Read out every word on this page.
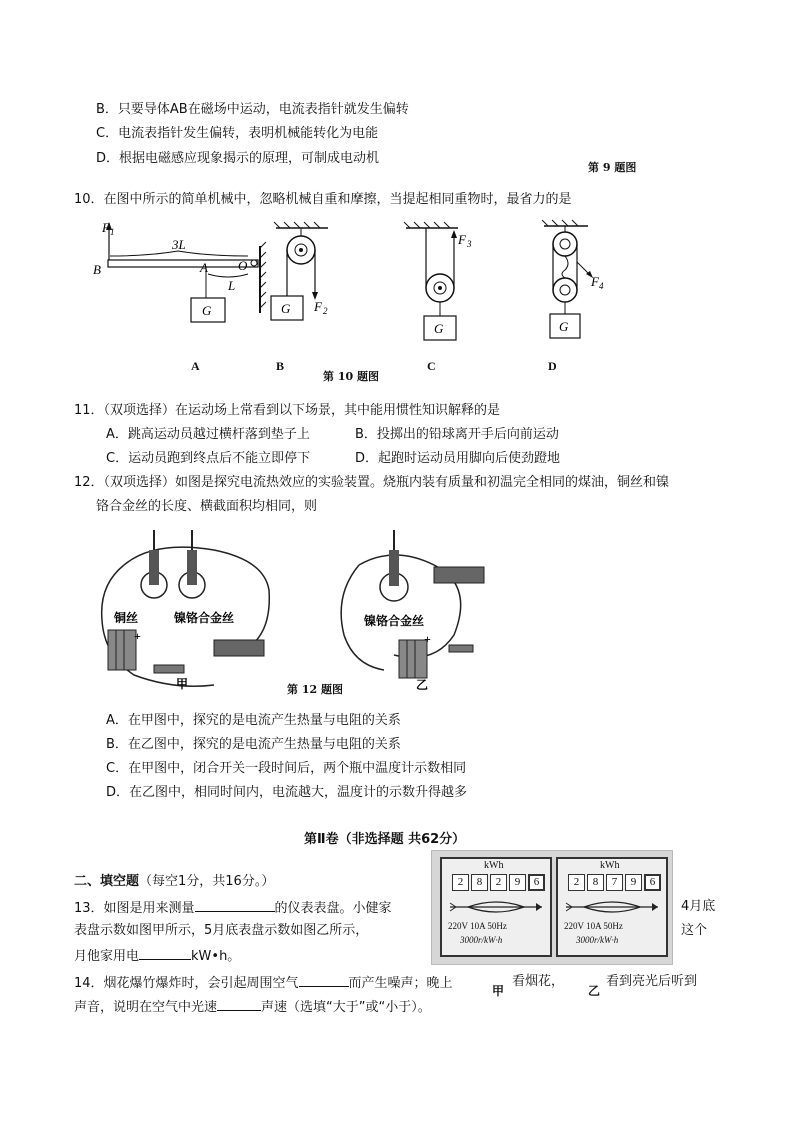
B．只要导体AB在磁场中运动，电流表指针就发生偏转
C．电流表指针发生偏转，表明机械能转化为电能
D．根据电磁感应现象揭示的原理，可制成电动机
第 9 题图
10．在图中所示的简单机械中，忽略机械自重和摩擦，当提起相同重物时，最省力的是
F 1
B
3L
A O
L
G	F 2
G
F 3
G
F 4
G
A	B
第 10 题图
C	D
11．（双项选择）在运动场上常看到以下场景，其中能用惯性知识解释的是
A．跳高运动员越过横杆落到垫子上	B．投掷出的铅球离开手后向前运动
C．运动员跑到终点后不能立即停下	D．起跑时运动员用脚向后使劲蹬地
12．（双项选择）如图是探究电流热效应的实验装置。烧瓶内装有质量和初温完全相同的煤油，铜丝和镍
铬合金丝的长度、横截面积均相同，则
铜丝	镍铬合金丝
+
甲
镍铬合金丝
+
乙
第 12 题图
A．在甲图中，探究的是电流产生热量与电阻的关系
B．在乙图中，探究的是电流产生热量与电阻的关系
C．在甲图中，闭合开关一段时间后，两个瓶中温度计示数相同
D．在乙图中，相同时间内，电流越大，温度计的示数升得越多
第Ⅱ卷（非选择题 共62分）
二、填空题（每空1分，共16分。）
13．如图是用来测量	的仪表表盘。小健家	4月底
表盘示数如图甲所示，5月底表盘示数如图乙所示，	这个
月他家用电	kW•h。
kWh
2	8	2	9	6
220V 10A 50Hz
3000r/kW·h
kWh
2	8	7	9	6
220V 10A 50Hz
3000r/kW·h
14．烟花爆竹爆炸时，会引起周围空气	而产生噪声；晚上	甲
看烟花，
乙
看到亮光后听到
声音，说明在空气中光速	声速（选填“大于”或“小于）。
